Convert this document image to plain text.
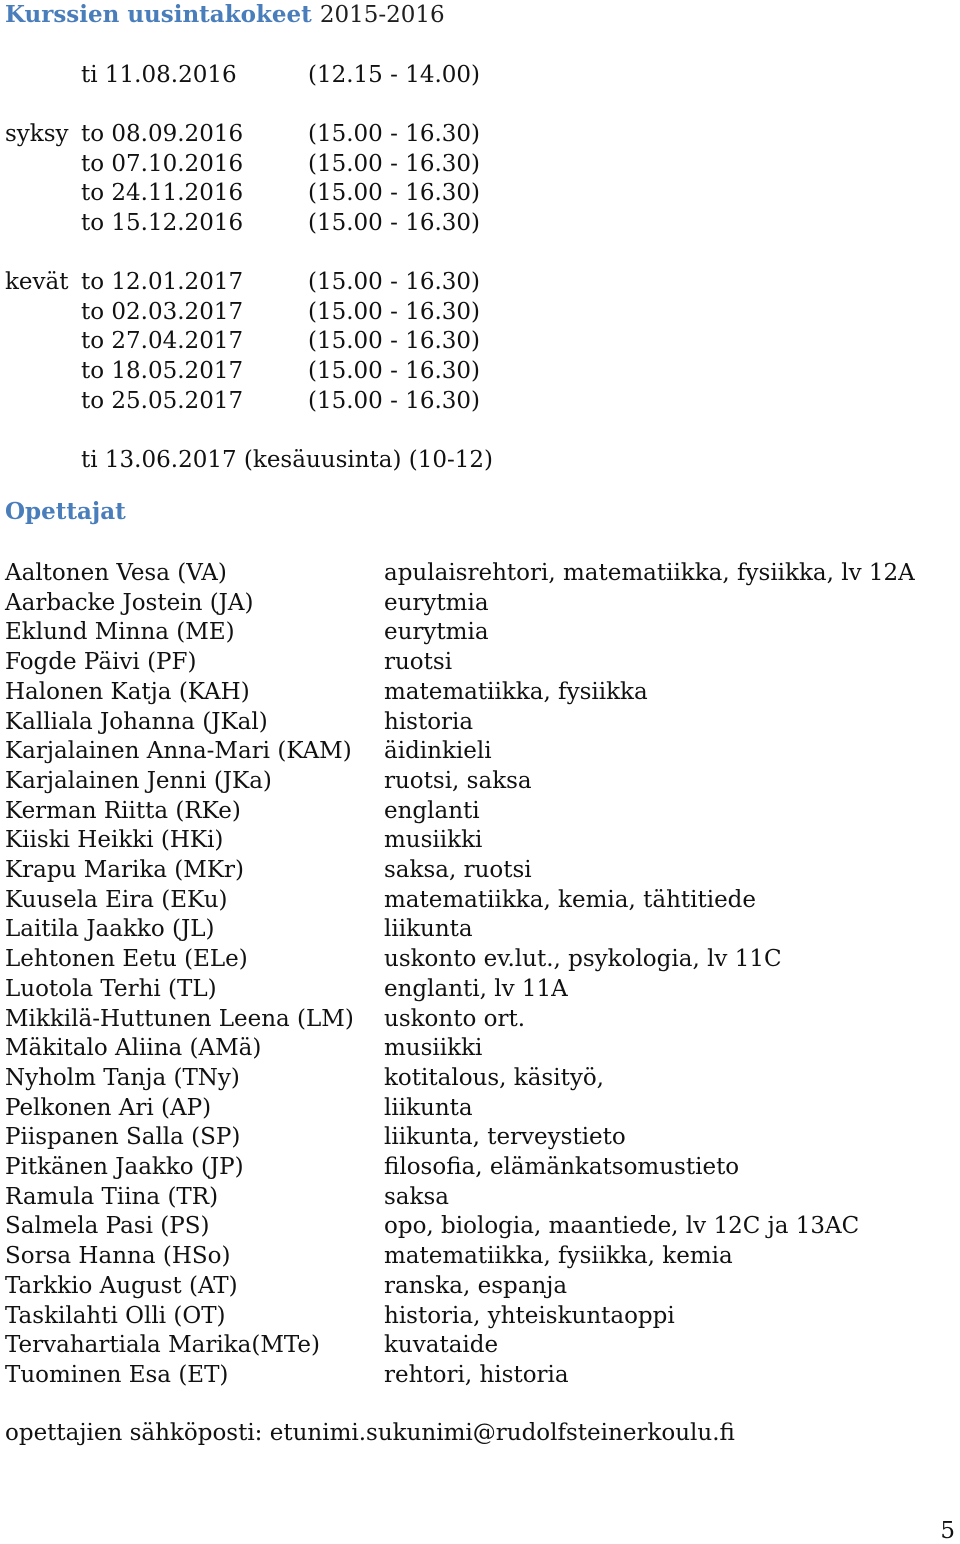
Kurssien uusintakokeet 2015-2016
ti 11.08.2016	(12.15 - 14.00)
syksy to 08.09.2016	(15.00 - 16.30)
to 07.10.2016	(15.00 - 16.30)
to 24.11.2016	(15.00 - 16.30)
to 15.12.2016	(15.00 - 16.30)
kevät to 12.01.2017	(15.00 - 16.30)
to 02.03.2017	(15.00 - 16.30)
to 27.04.2017	(15.00 - 16.30)
to 18.05.2017	(15.00 - 16.30)
to 25.05.2017	(15.00 - 16.30)
ti 13.06.2017 (kesäuusinta) (10-12)
Opettajat
Aaltonen Vesa (VA)	apulaisrehtori, matematiikka, fysiikka, lv 12A
Aarbacke Jostein (JA)	eurytmia
Eklund Minna (ME)	eurytmia
Fogde Päivi (PF)	ruotsi
Halonen Katja (KAH)	matematiikka, fysiikka
Kalliala Johanna (JKal)	historia
Karjalainen Anna-Mari (KAM) äidinkieli
Karjalainen Jenni (JKa)	ruotsi, saksa
Kerman Riitta (RKe)	englanti
Kiiski Heikki (HKi)	musiikki
Krapu Marika (MKr)	saksa, ruotsi
Kuusela Eira (EKu)	matematiikka, kemia, tähtitiede
Laitila Jaakko (JL)	liikunta
Lehtonen Eetu (ELe)	uskonto ev.lut., psykologia, lv 11C
Luotola Terhi (TL)	englanti, lv 11A
Mikkilä-Huttunen Leena (LM) uskonto ort.
Mäkitalo Aliina (AMä)	musiikki
Nyholm Tanja (TNy)	kotitalous, käsityö,
Pelkonen Ari (AP)	liikunta
Piispanen Salla (SP)	liikunta, terveystieto
Pitkänen Jaakko (JP)	filosofia, elämänkatsomustieto
Ramula Tiina (TR)	saksa
Salmela Pasi (PS)	opo, biologia, maantiede, lv 12C ja 13AC
Sorsa Hanna (HSo)	matematiikka, fysiikka, kemia
Tarkkio August (AT)	ranska, espanja
Taskilahti Olli (OT)	historia, yhteiskuntaoppi
Tervahartiala Marika(MTe)	kuvataide
Tuominen Esa (ET)	rehtori, historia
opettajien sähköposti: etunimi.sukunimi@rudolfsteinerkoulu.fi
5
